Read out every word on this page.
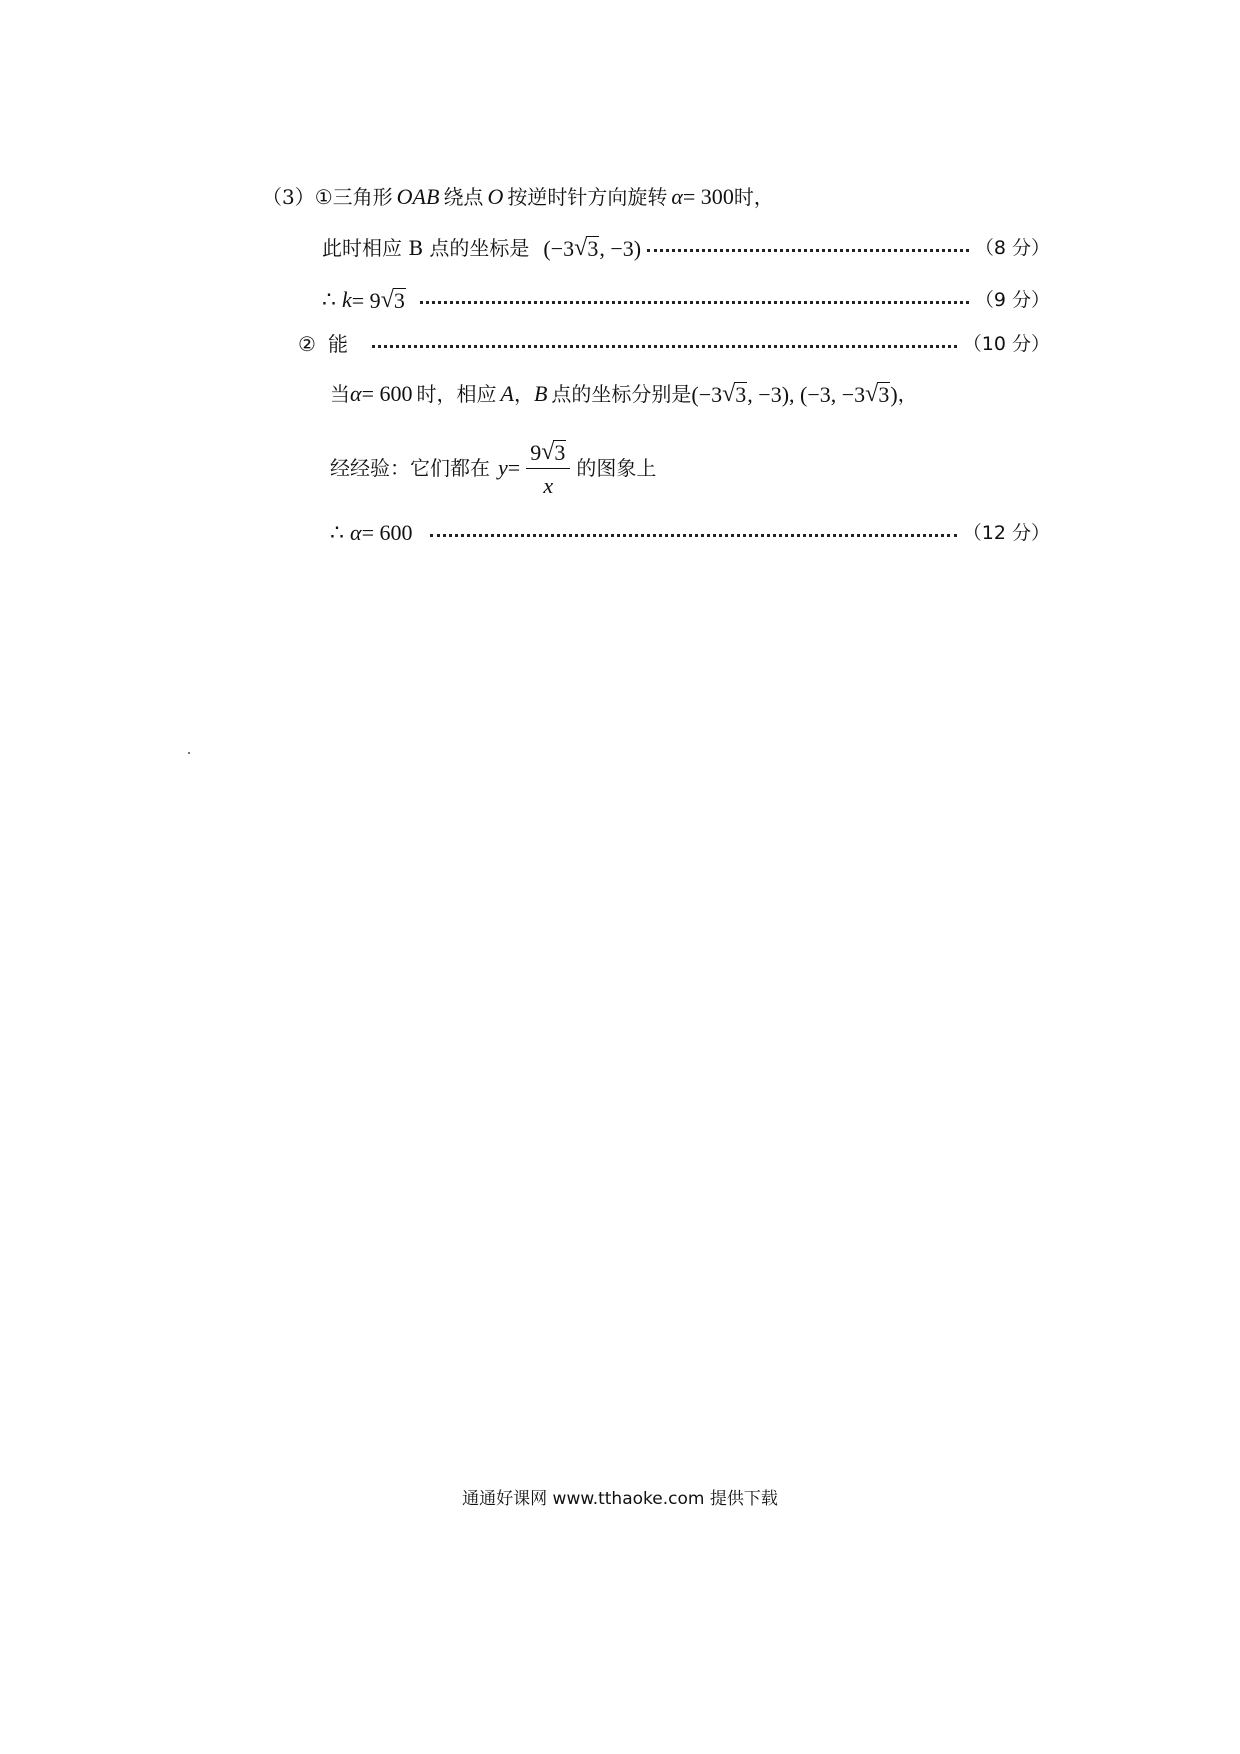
（3） ① 三角形 OAB 绕点 O 按逆时针方向旋转 α = 30 0 时，
此时相应 B 点的坐标是 (−3 √ 3 , −3)	（8 分）
∴ k = 9 √ 3	（9 分）
② 能	（10 分）
当 α = 60 0 时，相应 A ， B 点的坐标分别是 (−3 √ 3 , −3), (−3, −3 √ 3 ) ，
经经验：它们都在 $y = \frac{9 √ 3}{x}$ 的图象上
∴ α = 60 0	（12 分）
通通好课网 www.tthaoke.com 提供下载
